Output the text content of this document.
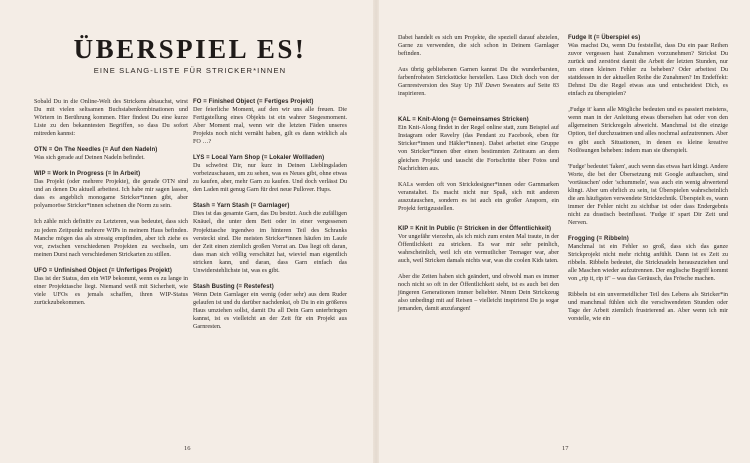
ÜBERSPIEL ES!
EINE SLANG-LISTE FÜR STRICKER*INNEN

Sobald Du in die Online-Welt des Strickens abtauchst, wirst Du mit vielen seltsamen Buchstabenkombinationen und Wörtern in Berührung kommen. Hier findest Du eine kurze Liste zu den bekanntesten Begriffen, so dass Du sofort mitreden kannst:

OTN = On The Needles (= Auf den Nadeln)

Was sich gerade auf Deinen Nadeln befindet.

WIP = Work In Progress (= In Arbeit)

Das Projekt (oder mehrere Projekte), die gerade OTN sind und an denen Du aktuell arbeitest. Ich habe mir sagen lassen, dass es angeblich monogame Stricker*innen gibt, aber polyamoröse Stricker*innen scheinen die Norm zu sein.

Ich zähle mich definitiv zu Letzteren, was bedeutet, dass sich zu jedem Zeitpunkt mehrere WIPs in meinem Haus befinden. Manche mögen das als stressig empfinden, aber ich ziehe es vor, zwischen verschiedenen Projekten zu wechseln, um meinen Durst nach verschiedenen Strickarten zu stillen.

UFO = Unfinished Object (= Unfertiges Projekt)

Das ist der Status, den ein WIP bekommt, wenn es zu lange in einer Projekttasche liegt. Niemand weiß mit Sicherheit, wie viele UFOs es jemals schaffen, ihren WIP-Status zurückzubekommen.

FO = Finished Object (= Fertiges Projekt)

Der feierliche Moment, auf den wir uns alle freuen. Die Fertigstellung eines Objekts ist ein wahrer Siegesmoment. Aber Moment mal, wenn wir die letzten Fäden unseres Projekts noch nicht vernäht haben, gilt es dann wirklich als FO …?

LYS = Local Yarn Shop (= Lokaler Wollladen)

Du schwörst Dir, nur kurz in Deinen Lieblingsladen vorbeizuschauen, um zu sehen, was es Neues gibt, ohne etwas zu kaufen, aber, mehr Garn zu kaufen. Und doch verlässt Du den Laden mit genug Garn für drei neue Pullover. Hups.

Stash = Yarn Stash (= Garnlager)

Dies ist das gesamte Garn, das Du besitzt. Auch die zufälligen Knäuel, die unter dem Bett oder in einer vergessenen Projekttasche irgendwo im hinteren Teil des Schranks versteckt sind. Die meisten Stricker*innen häufen im Laufe der Zeit einen ziemlich großen Vorrat an. Das liegt oft daran, dass man sich völlig verschätzt hat, wieviel man eigentlich stricken kann, und daran, dass Garn einfach das Unwiderstehlichste ist, was es gibt.

Stash Busting (= Restefest)

Wenn Dein Garnlager ein wenig (oder sehr) aus dem Ruder gelaufen ist und du darüber nachdenkst, ob Du in ein größeres Haus umziehen sollst, damit Du all Dein Garn unterbringen kannst, ist es vielleicht an der Zeit für ein Projekt aus Garnresten.

16

Dabei handelt es sich um Projekte, die speziell darauf abzielen, Garne zu verwenden, die sich schon in Deinem Garnlager befinden.

Aus übrig gebliebenen Garnen kannst Du die wunderbarsten, farbenfrohsten Strickstücke herstellen. Lass Dich doch von der Garnrestversion des Stay Up Till Dawn Sweaters auf Seite 83 inspirieren.

KAL = Knit-Along (= Gemeinsames Stricken)

Ein Knit-Along findet in der Regel online statt, zum Beispiel auf Instagram oder Ravelry (das Pendant zu Facebook, eben für Stricker*innen und Häkler*innen). Dabei arbeitet eine Gruppe von Stricker*innen über einen bestimmten Zeitraum an dem gleichen Projekt und tauscht die Fortschritte über Fotos und Nachrichten aus.

KALs werden oft von Strickdesigner*innen oder Garnmarken veranstaltet. Es macht nicht nur Spaß, sich mit anderen auszutauschen, sondern es ist auch ein großer Ansporn, ein Projekt fertigzustellen.

KIP = Knit In Public (= Stricken in der Öffentlichkeit)

Vor ungefähr vierzehn, als ich mich zum ersten Mal traute, in der Öffentlichkeit zu stricken. Es war mir sehr peinlich, wahrscheinlich, weil ich ein vermutlicher Teenager war, aber auch, weil Stricken damals nichts war, was die coolen Kids taten.

Aber die Zeiten haben sich geändert, und obwohl man es immer noch nicht so oft in der Öffentlichkeit sieht, ist es auch bei den jüngeren Generationen immer beliebter. Nimm Dein Strickzeug also unbedingt mit auf Reisen – vielleicht inspirierst Du ja sogar jemanden, damit anzufangen!

Fudge It (= Überspiel es)

Was machst Du, wenn Du feststellst, dass Du ein paar Reihen zuvor vergessen hast Zunahmen vorzunehmen? Strickst Du zurück und zerstörst damit die Arbeit der letzten Stunden, nur um einen kleinen Fehler zu beheben? Oder arbeitest Du stattdessen in der aktuellen Reihe die Zunahmen? Im Endeffekt: Dehnst Du die Regel etwas aus und entscheidest Dich, es einfach zu überspielen?

‚Fudge it' kann alle Mögliche bedeuten und es passiert meistens, wenn man in der Anleitung etwas übersehen hat oder von den allgemeinen Strickregeln abweicht. Manchmal ist die einzige Option, tief durchzuatmen und alles nochmal aufzutrennen. Aber es gibt auch Situationen, in denen es kleine kreative Notlösungen beheben: indem man sie überspielt.

'Fudge' bedeutet 'faken', auch wenn das etwas hart klingt. Andere Worte, die bei der Übersetzung mit Google auftauchen, sind 'vortäuschen' oder 'schummeln', was auch ein wenig abwertend klingt. Aber um ehrlich zu sein, ist Überspielen wahrscheinlich die am häufigsten verwendete Stricktechnik. Überspielt es, wann immer der Fehler nicht zu sichtbar ist oder dass Endergebnis nicht zu drastisch beeinflusst. 'Fudge it' spart Dir Zeit und Nerven.

Frogging (= Ribbeln)

Manchmal ist ein Fehler so groß, dass sich das ganze Strickprojekt nicht mehr richtig anfühlt. Dann ist es Zeit zu ribbeln. Ribbeln bedeutet, die Stricknadeln herauszuziehen und alle Maschen wieder aufzutrennen. Der englische Begriff kommt von „rip it, rip it" – was das Geräusch, das Frösche machen.

Ribbeln ist ein unvermeidlicher Teil des Lebens als Stricker*in und manchmal fühlen sich die verschwendeten Stunden oder Tage der Arbeit ziemlich frustrierend an. Aber wenn ich mir vorstelle, wie ein

17
